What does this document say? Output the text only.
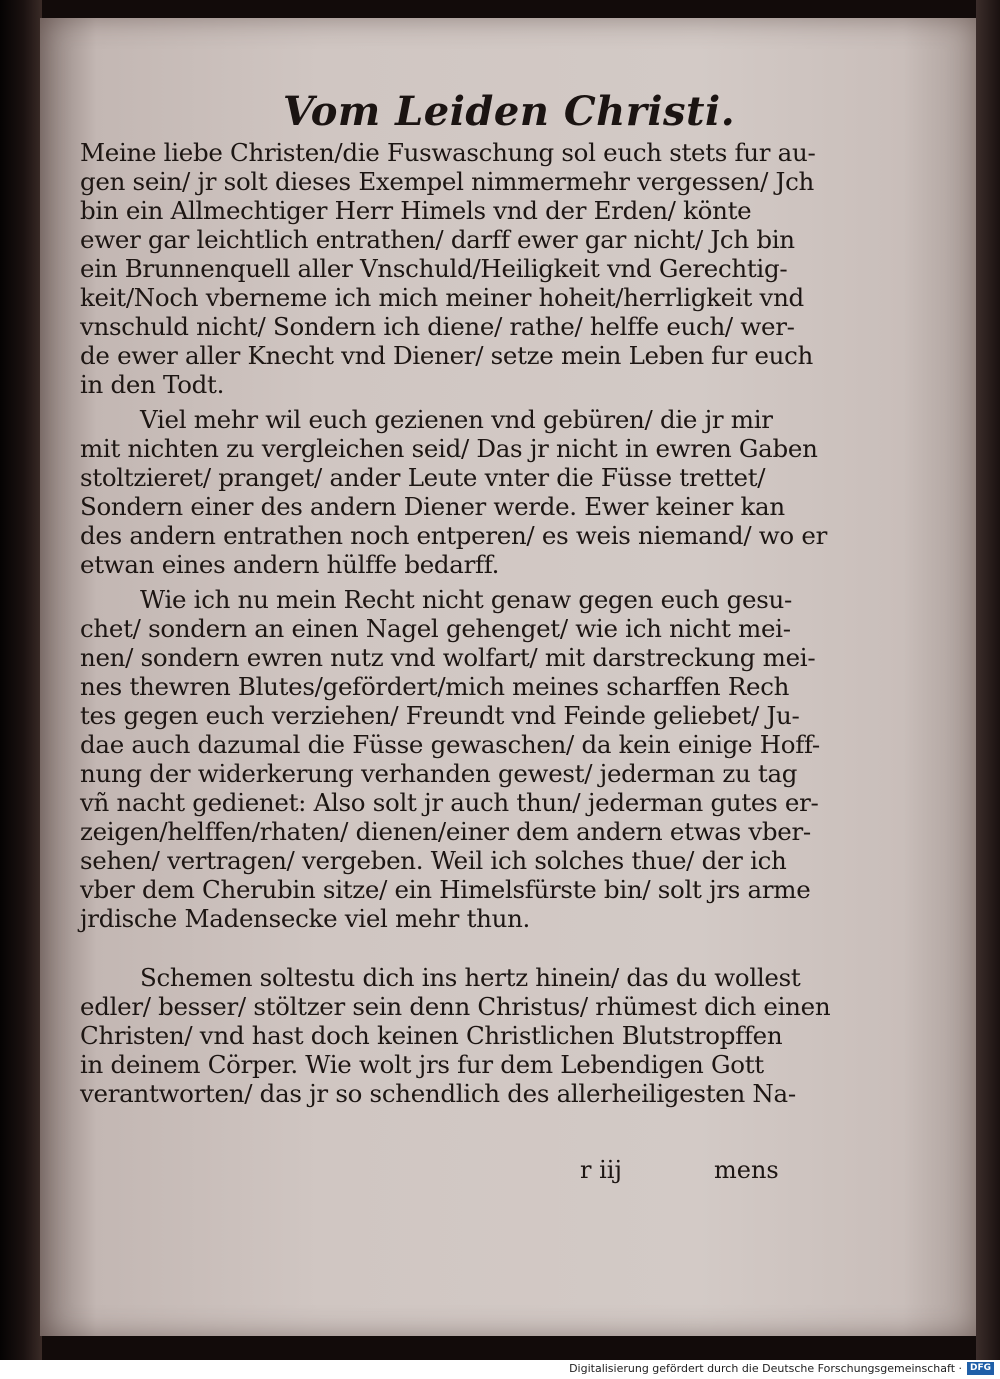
Vom Leiden Christi.
Meine liebe Christen/die Fuswaschung sol euch stets fur au-
gen sein/ jr solt dieses Exempel nimmermehr vergessen/ Jch
bin ein Allmechtiger Herr Himels vnd der Erden/ könte
ewer gar leichtlich entrathen/ darff ewer gar nicht/ Jch bin
ein Brunnenquell aller Vnschuld/Heiligkeit vnd Gerechtig-
keit/Noch vberneme ich mich meiner hoheit/herrligkeit vnd
vnschuld nicht/ Sondern ich diene/ rathe/ helffe euch/ wer-
de ewer aller Knecht vnd Diener/ setze mein Leben fur euch
in den Todt.
Viel mehr wil euch gezienen vnd gebüren/ die jr mir
mit nichten zu vergleichen seid/ Das jr nicht in ewren Gaben
stoltzieret/ pranget/ ander Leute vnter die Füsse trettet/
Sondern einer des andern Diener werde. Ewer keiner kan
des andern entrathen noch entperen/ es weis niemand/ wo er
etwan eines andern hülffe bedarff.
Wie ich nu mein Recht nicht genaw gegen euch gesu-
chet/ sondern an einen Nagel gehenget/ wie ich nicht mei-
nen/ sondern ewren nutz vnd wolfart/ mit darstreckung mei-
nes thewren Blutes/gefördert/mich meines scharffen Rech
tes gegen euch verziehen/ Freundt vnd Feinde geliebet/ Ju-
dae auch dazumal die Füsse gewaschen/ da kein einige Hoff-
nung der widerkerung verhanden gewest/ jederman zu tag
vñ nacht gedienet: Also solt jr auch thun/ jederman gutes er-
zeigen/helffen/rhaten/ dienen/einer dem andern etwas vber-
sehen/ vertragen/ vergeben. Weil ich solches thue/ der ich
vber dem Cherubin sitze/ ein Himelsfürste bin/ solt jrs arme
jrdische Madensecke viel mehr thun.
Schemen soltestu dich ins hertz hinein/ das du wollest
edler/ besser/ stöltzer sein denn Christus/ rhümest dich einen
Christen/ vnd hast doch keinen Christlichen Blutstropffen
in deinem Cörper. Wie wolt jrs fur dem Lebendigen Gott
verantworten/ das jr so schendlich des allerheiligesten Na-
r iij	mens
Digitalisierung gefördert durch die Deutsche Forschungsgemeinschaft · DFG
